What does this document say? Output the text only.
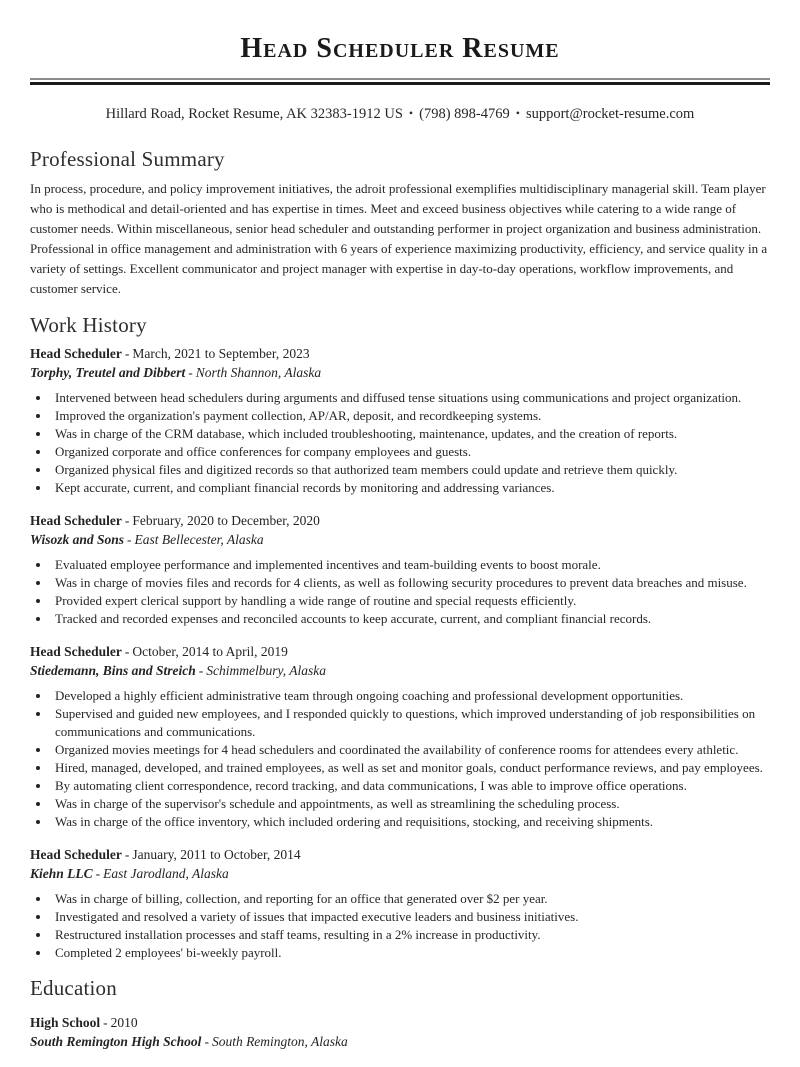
Head Scheduler Resume

Hillard Road, Rocket Resume, AK 32383-1912 US • (798) 898-4769 • support@rocket-resume.com

Professional Summary

In process, procedure, and policy improvement initiatives, the adroit professional exemplifies multidisciplinary managerial skill. Team player who is methodical and detail-oriented and has expertise in times. Meet and exceed business objectives while catering to a wide range of customer needs. Within miscellaneous, senior head scheduler and outstanding performer in project organization and business administration. Professional in office management and administration with 6 years of experience maximizing productivity, efficiency, and service quality in a variety of settings. Excellent communicator and project manager with expertise in day-to-day operations, workflow improvements, and customer service.

Work History

Head Scheduler - March, 2021 to September, 2023

Torphy, Treutel and Dibbert - North Shannon, Alaska

Intervened between head schedulers during arguments and diffused tense situations using communications and project organization.
Improved the organization's payment collection, AP/AR, deposit, and recordkeeping systems.
Was in charge of the CRM database, which included troubleshooting, maintenance, updates, and the creation of reports.
Organized corporate and office conferences for company employees and guests.
Organized physical files and digitized records so that authorized team members could update and retrieve them quickly.
Kept accurate, current, and compliant financial records by monitoring and addressing variances.

Head Scheduler - February, 2020 to December, 2020

Wisozk and Sons - East Bellecester, Alaska

Evaluated employee performance and implemented incentives and team-building events to boost morale.
Was in charge of movies files and records for 4 clients, as well as following security procedures to prevent data breaches and misuse.
Provided expert clerical support by handling a wide range of routine and special requests efficiently.
Tracked and recorded expenses and reconciled accounts to keep accurate, current, and compliant financial records.

Head Scheduler - October, 2014 to April, 2019

Stiedemann, Bins and Streich - Schimmelbury, Alaska

Developed a highly efficient administrative team through ongoing coaching and professional development opportunities.
Supervised and guided new employees, and I responded quickly to questions, which improved understanding of job responsibilities on communications and communications.
Organized movies meetings for 4 head schedulers and coordinated the availability of conference rooms for attendees every athletic.
Hired, managed, developed, and trained employees, as well as set and monitor goals, conduct performance reviews, and pay employees.
By automating client correspondence, record tracking, and data communications, I was able to improve office operations.
Was in charge of the supervisor's schedule and appointments, as well as streamlining the scheduling process.
Was in charge of the office inventory, which included ordering and requisitions, stocking, and receiving shipments.

Head Scheduler - January, 2011 to October, 2014

Kiehn LLC - East Jarodland, Alaska

Was in charge of billing, collection, and reporting for an office that generated over $2 per year.
Investigated and resolved a variety of issues that impacted executive leaders and business initiatives.
Restructured installation processes and staff teams, resulting in a 2% increase in productivity.
Completed 2 employees' bi-weekly payroll.
Education

High School - 2010

South Remington High School - South Remington, Alaska
